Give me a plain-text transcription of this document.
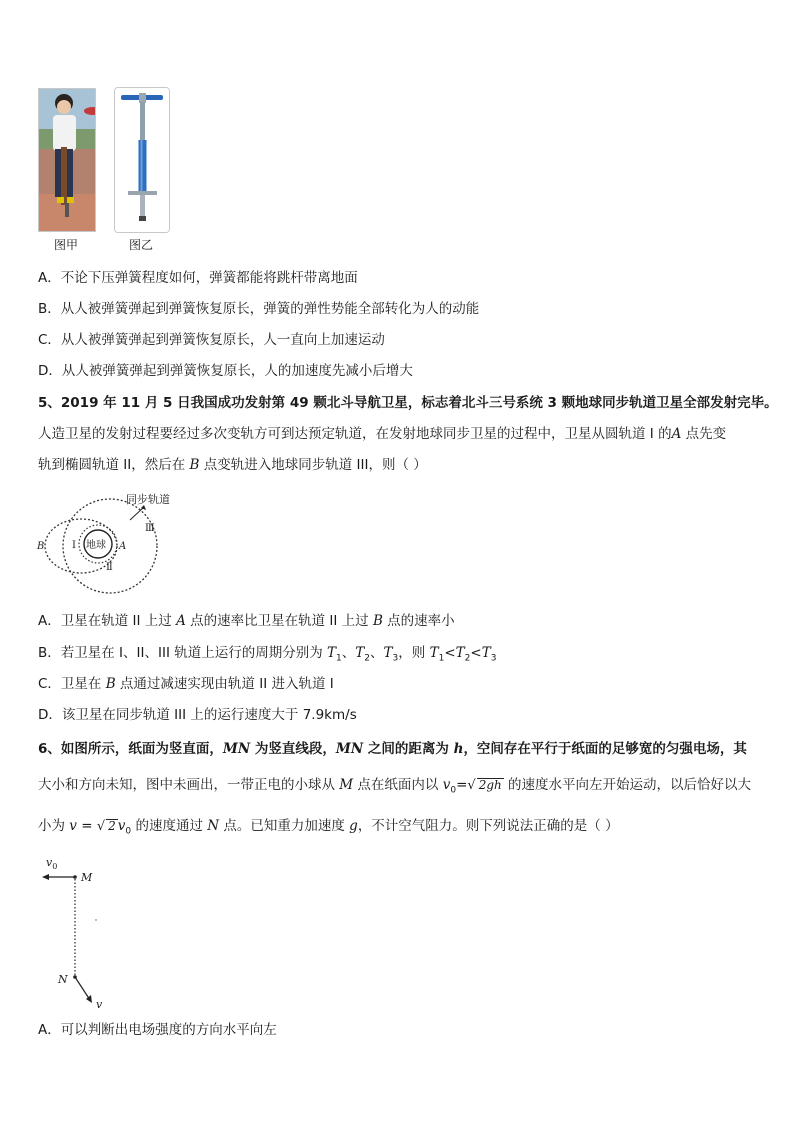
图甲	图乙
A．不论下压弹簧程度如何，弹簧都能将跳杆带离地面
B．从人被弹簧弹起到弹簧恢复原长，弹簧的弹性势能全部转化为人的动能
C．从人被弹簧弹起到弹簧恢复原长，人一直向上加速运动
D．从人被弹簧弹起到弹簧恢复原长，人的加速度先减小后增大
5、2019 年 11 月 5 日我国成功发射第 49 颗北斗导航卫星，标志着北斗三号系统 3 颗地球同步轨道卫星全部发射完毕。
人造卫星的发射过程要经过多次变轨方可到达预定轨道，在发射地球同步卫星的过程中，卫星从圆轨道 I 的A 点先变
轨到椭圆轨道 II，然后在 B 点变轨进入地球同步轨道 III，则（ ）
同步轨道
Ⅲ
Ⅰ
Ⅱ
地球 A
B
A．卫星在轨道 II 上过 A 点的速率比卫星在轨道 II 上过 B 点的速率小
B．若卫星在 I、II、III 轨道上运行的周期分别为 $T_1$、$T_2$、$T_3$，则 $T_1<T_2<T_3$
C．卫星在 B 点通过减速实现由轨道 II 进入轨道 I
D．该卫星在同步轨道 III 上的运行速度大于 7.9km/s
6、如图所示，纸面为竖直面，MN 为竖直线段，MN 之间的距离为 h，空间存在平行于纸面的足够宽的匀强电场，其
大小和方向未知，图中未画出，一带正电的小球从 M 点在纸面内以 $v_0=√$ 2gh 的速度水平向左开始运动，以后恰好以大
小为 v = √ 2 $v_0$ 的速度通过 N 点。已知重力加速度 g，不计空气阻力。则下列说法正确的是（ ）
$v_0$
M
N
v
A．可以判断出电场强度的方向水平向左
